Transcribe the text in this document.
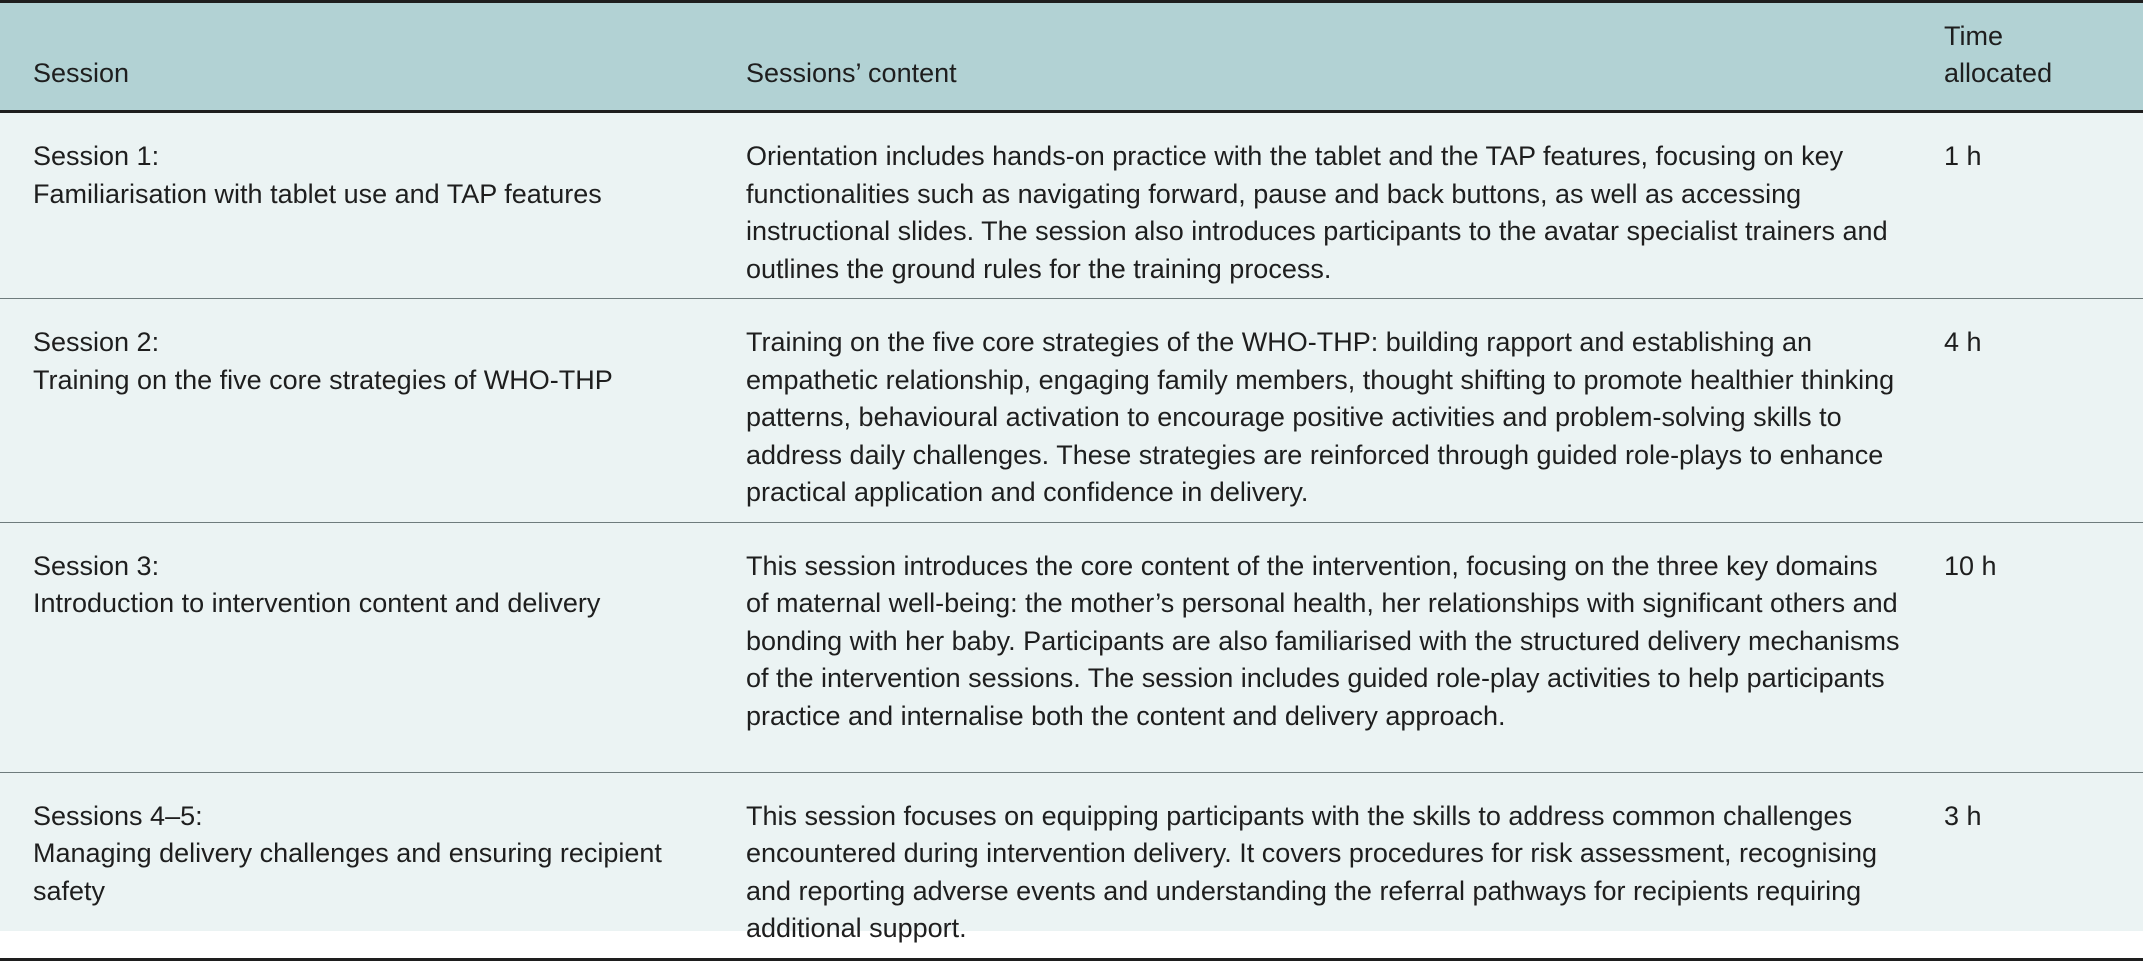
Session	Sessions’ content	Time
allocated

Session 1:
Familiarisation with tablet use and TAP features	Orientation includes hands-on practice with the tablet and the TAP features, focusing on key functionalities such as navigating forward, pause and back buttons, as well as accessing instructional slides. The session also introduces participants to the avatar specialist trainers and outlines the ground rules for the training process.	1 h

Session 2:
Training on the five core strategies of WHO-THP	Training on the five core strategies of the WHO-THP: building rapport and establishing an empathetic relationship, engaging family members, thought shifting to promote healthier thinking patterns, behavioural activation to encourage positive activities and problem-solving skills to address daily challenges. These strategies are reinforced through guided role-plays to enhance practical application and confidence in delivery.	4 h

Session 3:
Introduction to intervention content and delivery	This session introduces the core content of the intervention, focusing on the three key domains of maternal well-being: the mother’s personal health, her relationships with significant others and bonding with her baby. Participants are also familiarised with the structured delivery mechanisms of the intervention sessions. The session includes guided role-play activities to help participants practice and internalise both the content and delivery approach.	10 h

Sessions 4–5:
Managing delivery challenges and ensuring recipient safety	This session focuses on equipping participants with the skills to address common challenges encountered during intervention delivery. It covers procedures for risk assessment, recognising and reporting adverse events and understanding the referral pathways for recipients requiring additional support.	3 h
